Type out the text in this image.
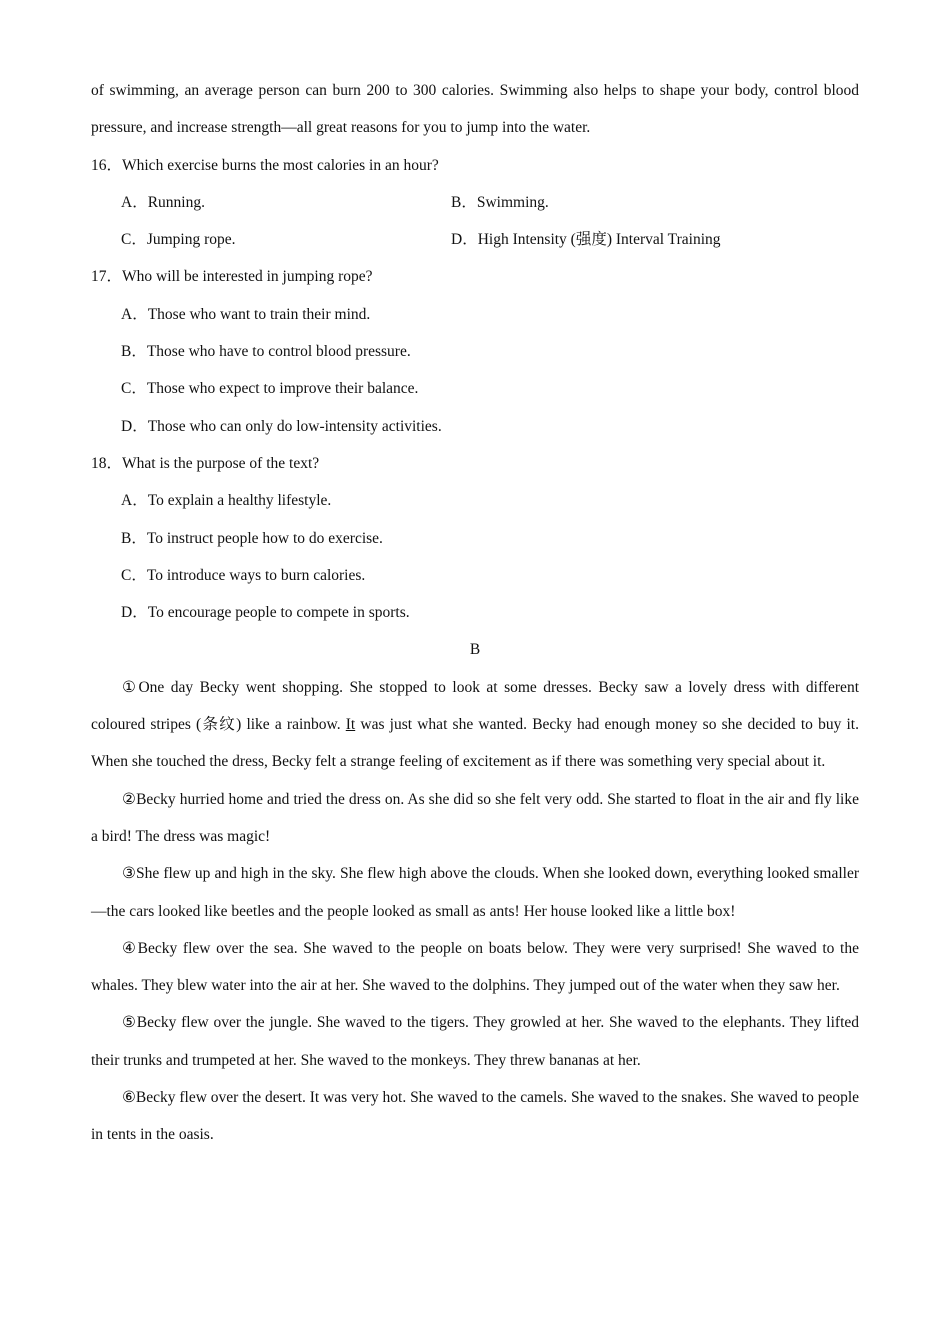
of swimming, an average person can burn 200 to 300 calories. Swimming also helps to shape your body, control blood pressure, and increase strength—all great reasons for you to jump into the water.

16．Which exercise burns the most calories in an hour?
A．Running.	B．Swimming.
C．Jumping rope.	D．High Intensity (强度) Interval Training
17．Who will be interested in jumping rope?
A．Those who want to train their mind.
B．Those who have to control blood pressure.
C．Those who expect to improve their balance.
D．Those who can only do low-intensity activities.
18．What is the purpose of the text?
A．To explain a healthy lifestyle.
B．To instruct people how to do exercise.
C．To introduce ways to burn calories.
D．To encourage people to compete in sports.
B

①One day Becky went shopping. She stopped to look at some dresses. Becky saw a lovely dress with different coloured stripes (条纹) like a rainbow. It was just what she wanted. Becky had enough money so she decided to buy it. When she touched the dress, Becky felt a strange feeling of excitement as if there was something very special about it.

②Becky hurried home and tried the dress on. As she did so she felt very odd. She started to float in the air and fly like a bird! The dress was magic!

③She flew up and high in the sky. She flew high above the clouds. When she looked down, everything looked smaller—the cars looked like beetles and the people looked as small as ants! Her house looked like a little box!

④Becky flew over the sea. She waved to the people on boats below. They were very surprised! She waved to the whales. They blew water into the air at her. She waved to the dolphins. They jumped out of the water when they saw her.

⑤Becky flew over the jungle. She waved to the tigers. They growled at her. She waved to the elephants. They lifted their trunks and trumpeted at her. She waved to the monkeys. They threw bananas at her.

⑥Becky flew over the desert. It was very hot. She waved to the camels. She waved to the snakes. She waved to people in tents in the oasis.
